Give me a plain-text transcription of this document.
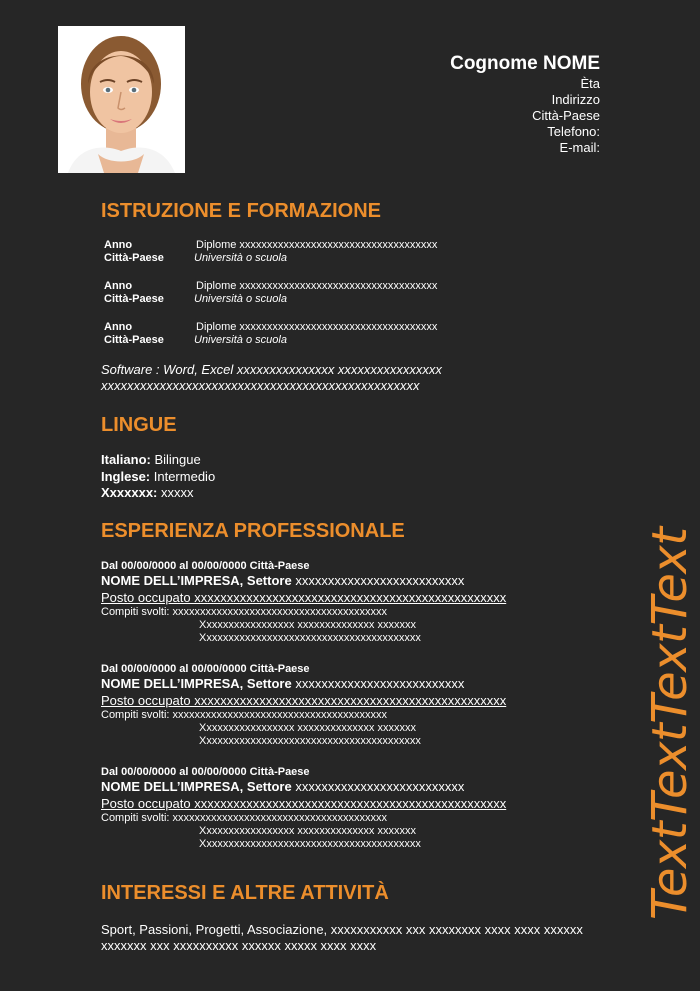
Cognome NOME
Èta
Indirizzo
Città-Paese
Telefono:
E-mail:
TextTextTextText
ISTRUZIONE E FORMAZIONE
Anno	Diplome xxxxxxxxxxxxxxxxxxxxxxxxxxxxxxxxxxxx
Città-Paese	Università o scuola
Anno	Diplome xxxxxxxxxxxxxxxxxxxxxxxxxxxxxxxxxxxx
Città-Paese	Università o scuola
Anno	Diplome xxxxxxxxxxxxxxxxxxxxxxxxxxxxxxxxxxxx
Città-Paese	Università o scuola
Software : Word, Excel xxxxxxxxxxxxxxx xxxxxxxxxxxxxxxx
xxxxxxxxxxxxxxxxxxxxxxxxxxxxxxxxxxxxxxxxxxxxxxxxx
LINGUE
Italiano: Bilingue
Inglese: Intermedio
Xxxxxxx: xxxxx
ESPERIENZA PROFESSIONALE
Dal 00/00/0000 al 00/00/0000 Città-Paese
NOME DELL’IMPRESA, Settore xxxxxxxxxxxxxxxxxxxxxxxxxx
Posto occupato xxxxxxxxxxxxxxxxxxxxxxxxxxxxxxxxxxxxxxxxxxxxxxxx
Compiti svolti: xxxxxxxxxxxxxxxxxxxxxxxxxxxxxxxxxxxxxxx
Xxxxxxxxxxxxxxxxx xxxxxxxxxxxxxx xxxxxxx
Xxxxxxxxxxxxxxxxxxxxxxxxxxxxxxxxxxxxxxxx
Dal 00/00/0000 al 00/00/0000 Città-Paese
NOME DELL’IMPRESA, Settore xxxxxxxxxxxxxxxxxxxxxxxxxx
Posto occupato xxxxxxxxxxxxxxxxxxxxxxxxxxxxxxxxxxxxxxxxxxxxxxxx
Compiti svolti: xxxxxxxxxxxxxxxxxxxxxxxxxxxxxxxxxxxxxxx
Xxxxxxxxxxxxxxxxx xxxxxxxxxxxxxx xxxxxxx
Xxxxxxxxxxxxxxxxxxxxxxxxxxxxxxxxxxxxxxxx
Dal 00/00/0000 al 00/00/0000 Città-Paese
NOME DELL’IMPRESA, Settore xxxxxxxxxxxxxxxxxxxxxxxxxx
Posto occupato xxxxxxxxxxxxxxxxxxxxxxxxxxxxxxxxxxxxxxxxxxxxxxxx
Compiti svolti: xxxxxxxxxxxxxxxxxxxxxxxxxxxxxxxxxxxxxxx
Xxxxxxxxxxxxxxxxx xxxxxxxxxxxxxx xxxxxxx
Xxxxxxxxxxxxxxxxxxxxxxxxxxxxxxxxxxxxxxxx
INTERESSI E ALTRE ATTIVITÀ
Sport, Passioni, Progetti, Associazione, xxxxxxxxxxx xxx xxxxxxxx xxxx xxxx xxxxxx xxxxxxx xxx xxxxxxxxxx xxxxxx xxxxx xxxx xxxx
